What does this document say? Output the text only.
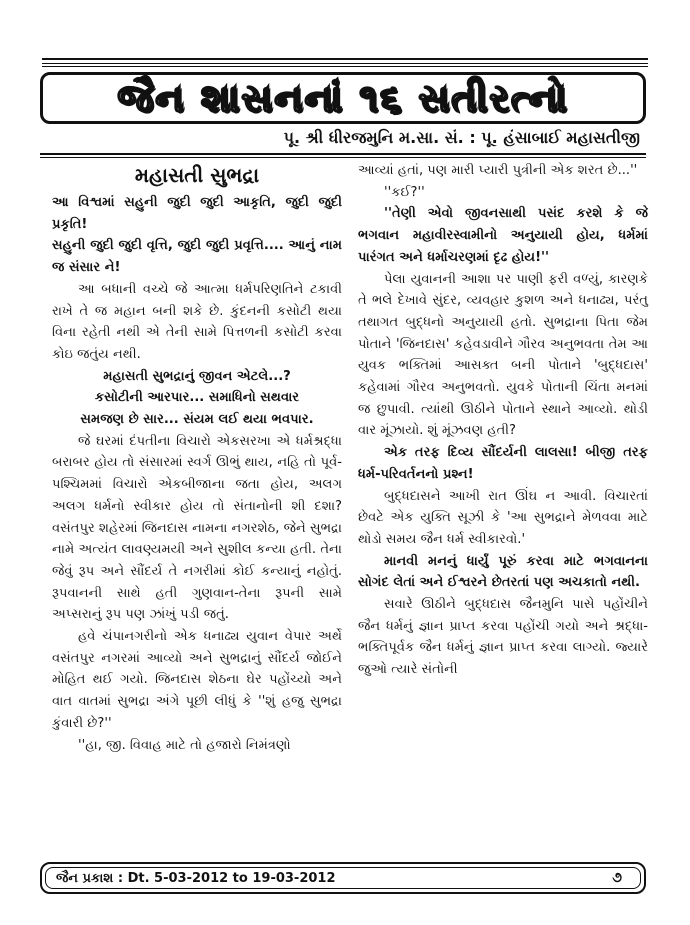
જૈન શાસનનાં ૧૬ સતીરત્નો
પૂ. શ્રી ધીરજમુનિ મ.સા. સં. : પૂ. હંસાબાઈ મહાસતીજી

મહાસતી સુભદ્રા

આ વિશ્વમાં સહુની જુદી જુદી આકૃતિ, જુદી જુદી પ્રકૃતિ!

સહુની જુદી જુદી વૃત્તિ, જુદી જુદી પ્રવૃત્તિ.... આનું નામ જ સંસાર ને!

આ બધાની વચ્ચે જે આત્મા ધર્મપરિણતિને ટકાવી રાખે તે જ મહાન બની શકે છે. કુંદનની કસોટી થયા વિના રહેતી નથી એ તેની સામે પિત્તળની કસોટી કરવા કોઇ જતુંય નથી.

મહાસતી સુભદ્રાનું જીવન એટલે...?

કસોટીની આરપાર... સમાધિનો સથવાર

સમજણ છે સાર... સંયમ લઈ થયા ભવપાર.

જે ઘરમાં દંપતીના વિચારો એકસરખા એ ધર્મશ્રદ્ધા બરાબર હોય તો સંસારમાં સ્વર્ગ ઊભું થાય, નહિ તો પૂર્વ-પશ્ચિમમાં વિચારો એકબીજાના જતા હોય, અલગ અલગ ધર્મનો સ્વીકાર હોય તો સંતાનોની શી દશા? વસંતપુર શહેરમાં જિનદાસ નામના નગરશેઠ, જેને સુભદ્રા નામે અત્યંત લાવણ્યમયી અને સુશીલ કન્યા હતી. તેના જેવું રૂપ અને સૌંદર્ય તે નગરીમાં કોઈ કન્યાનું નહોતું. રૂપવાનની સાથે હતી ગુણવાન-તેના રૂપની સામે અપ્સરાનું રૂપ પણ ઝાંખું પડી જતું.

હવે ચંપાનગરીનો એક ધનાઢ્ય યુવાન વેપાર અર્થે વસંતપુર નગરમાં આવ્યો અને સુભદ્રાનું સૌંદર્ય જોઈને મોહિત થઈ ગયો. જિનદાસ શેઠના ઘેર પહોંચ્યો અને વાત વાતમાં સુભદ્રા અંગે પૂછી લીધું કે ''શું હજુ સુભદ્રા કુંવારી છે?''

''હા, જી. વિવાહ માટે તો હજારો નિમંત્રણો

આવ્યાં હતાં, પણ મારી પ્યારી પુત્રીની એક શરત છે...''

''કઈ?''

''તેણી એવો જીવનસાથી પસંદ કરશે કે જે ભગવાન મહાવીરસ્વામીનો અનુયાયી હોય, ધર્મમાં પારંગત અને ધર્માચરણમાં દૃઢ હોય!''

પેલા યુવાનની આશા પર પાણી ફરી વળ્યું, કારણકે તે ભલે દેખાવે સુંદર, વ્યવહાર કુશળ અને ધનાઢ્ય, પરંતુ તથાગત બુદ્ધનો અનુયાયી હતો. સુભદ્રાના પિતા જેમ પોતાને 'જિનદાસ' કહેવડાવીને ગૌરવ અનુભવતા તેમ આ યુવક ભક્તિમાં આસક્ત બની પોતાને 'બુદ્ધદાસ' કહેવામાં ગૌરવ અનુભવતો. યુવકે પોતાની ચિંતા મનમાં જ છુપાવી. ત્યાંથી ઊઠીને પોતાને સ્થાને આવ્યો. થોડી વાર મૂંઝાયો. શું મૂંઝવણ હતી?

એક તરફ દિવ્ય સૌંદર્યની લાલસા! બીજી તરફ ધર્મ-પરિવર્તનનો પ્રશ્ન!

બુદ્ધદાસને આખી રાત ઊંઘ ન આવી. વિચારતાં છેવટે એક યુક્તિ સૂઝી કે 'આ સુભદ્રાને મેળવવા માટે થોડો સમય જૈન ધર્મ સ્વીકારવો.'

માનવી મનનું ધાર્યું પૂરું કરવા માટે ભગવાનના સોગંદ લેતાં અને ઈશ્વરને છેતરતાં પણ અચકાતો નથી.

સવારે ઊઠીને બુદ્ધદાસ જૈનમુનિ પાસે પહોંચીને જૈન ધર્મનું જ્ઞાન પ્રાપ્ત કરવા પહોંચી ગયો અને શ્રદ્ધા-ભક્તિપૂર્વક જૈન ધર્મનું જ્ઞાન પ્રાપ્ત કરવા લાગ્યો. જ્યારે જુઓ ત્યારે સંતોની

જૈન પ્રકાશ : Dt. 5-03-2012 to 19-03-2012	૭
